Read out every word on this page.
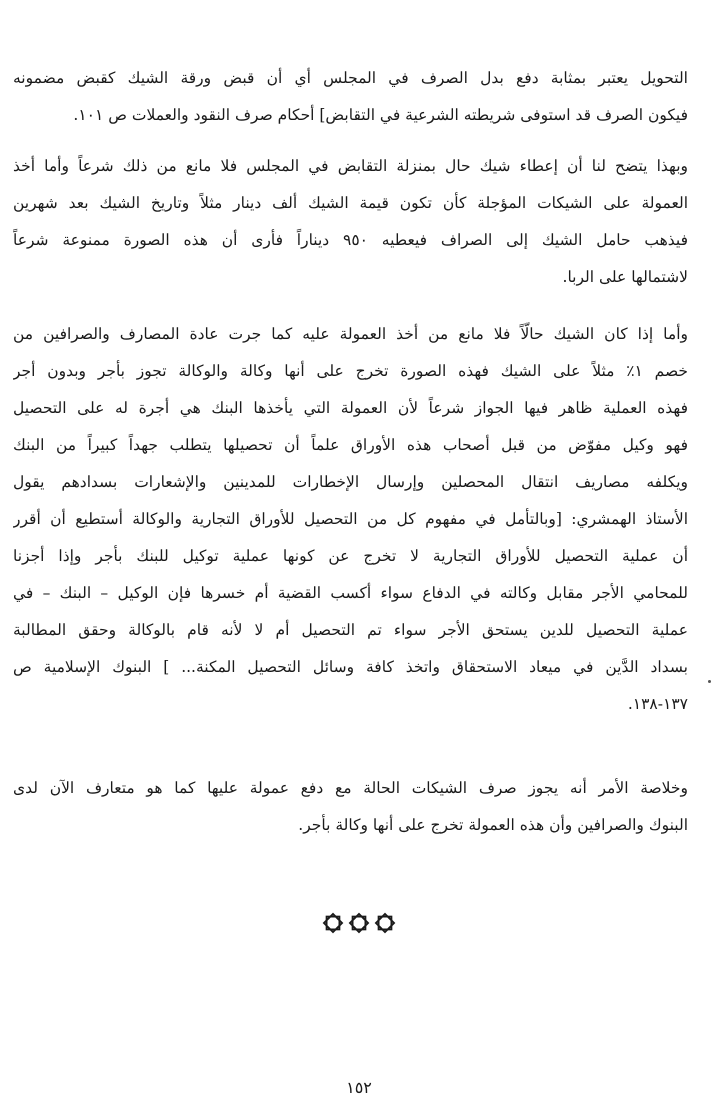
التحويل يعتبر بمثابة دفع بدل الصرف في المجلس أي أن قبض ورقة الشيك كقبض مضمونه
فيكون الصرف قد استوفى شريطته الشرعية في التقابض] أحكام صرف النقود والعملات ص ١٠١.
وبهذا يتضح لنا أن إعطاء شيك حال بمنزلة التقابض في المجلس فلا مانع من ذلك شرعاً وأما أخذ
العمولة على الشيكات المؤجلة كأن تكون قيمة الشيك ألف دينار مثلاً وتاريخ الشيك بعد شهرين
فيذهب حامل الشيك إلى الصراف فيعطيه ٩٥٠ ديناراً فأرى أن هذه الصورة ممنوعة شرعاً
لاشتمالها على الربا.
وأما إذا كان الشيك حالّاً فلا مانع من أخذ العمولة عليه كما جرت عادة المصارف والصرافين من
خصم ١٪ مثلاً على الشيك فهذه الصورة تخرج على أنها وكالة والوكالة تجوز بأجر وبدون أجر
فهذه العملية ظاهر فيها الجواز شرعاً لأن العمولة التي يأخذها البنك هي أجرة له على التحصيل
فهو وكيل مفوّض من قبل أصحاب هذه الأوراق علماً أن تحصيلها يتطلب جهداً كبيراً من البنك
ويكلفه مصاريف انتقال المحصلين وإرسال الإخطارات للمدينين والإشعارات بسدادهم يقول
الأستاذ الهمشري: [وبالتأمل في مفهوم كل من التحصيل للأوراق التجارية والوكالة أستطيع أن أقرر
أن عملية التحصيل للأوراق التجارية لا تخرج عن كونها عملية توكيل للبنك بأجر وإذا أجزنا
للمحامي الأجر مقابل وكالته في الدفاع سواء أكسب القضية أم خسرها فإن الوكيل – البنك – في
عملية التحصيل للدين يستحق الأجر سواء تم التحصيل أم لا لأنه قام بالوكالة وحقق المطالبة
بسداد الدَّين في ميعاد الاستحقاق واتخذ كافة وسائل التحصيل المكنة... ] البنوك الإسلامية ص
١٣٧-١٣٨.
وخلاصة الأمر أنه يجوز صرف الشيكات الحالة مع دفع عمولة عليها كما هو متعارف الآن لدى
البنوك والصرافين وأن هذه العمولة تخرج على أنها وكالة بأجر.
١٥٢
